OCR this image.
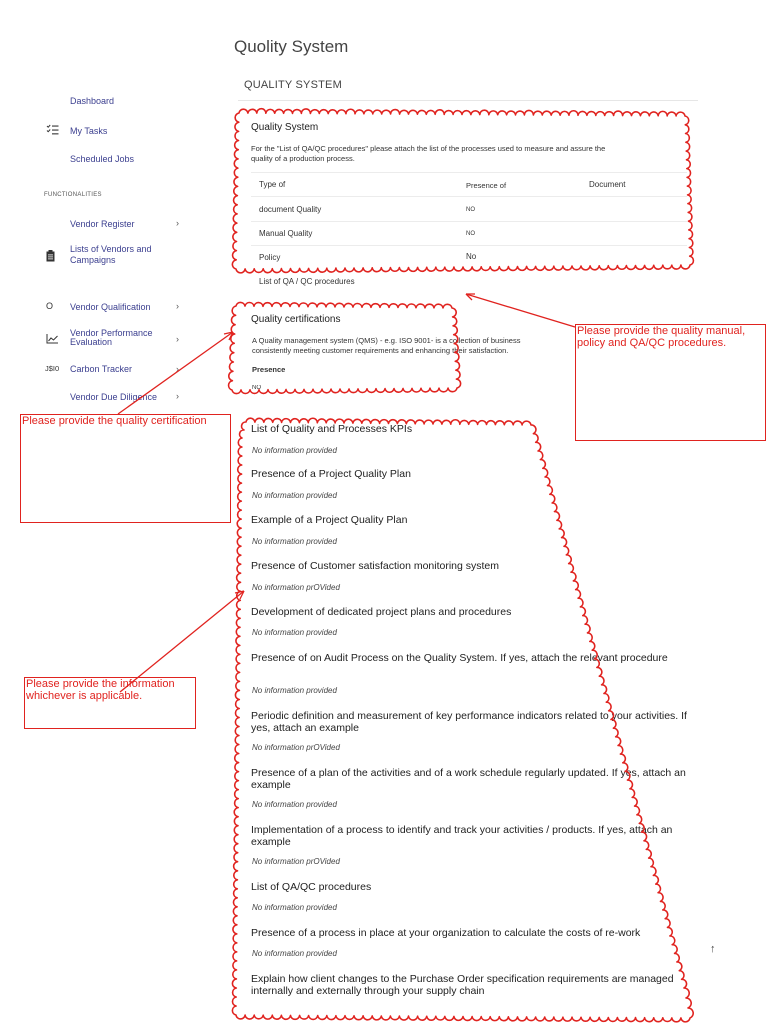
Quolity System
QUALITY SYSTEM
Dashboard
My Tasks
Scheduled Jobs
FUNCTIONALITIES
Vendor Register	›
Lists of Vendors and
Campaigns
O Vendor Qualification	›
Vendor Performance
Evaluation	›
J$I0 Carbon Tracker	›
Vendor Due Diligence ›
Quality System
For the "List of QA/QC procedures" please attach the list of the processes used to measure and assure the
quality of a production process.
Type of	Presence of	Document
document Quality	NO
Manual Quality	NO
Policy	No
List of QA / QC procedures
Quality certifications
A Quality management system (QMS) - e.g. ISO 9001- is a collection of business
consistently meeting customer requirements and enhancing their satisfaction.
Presence
NO
List of Quality and Processes KPIs
No information provided
Presence of a Project Quality Plan
No information provided
Example of a Project Quality Plan
No information provided
Presence of Customer satisfaction monitoring system
No information prOVided
Development of dedicated project plans and procedures
No information provided
Presence of on Audit Process on the Quality System. If yes, attach the relevant procedure
No information provided
Periodic definition and measurement of key performance indicators related to your activities. If yes, attach an example
No information prOVided
Presence of a plan of the activities and of a work schedule regularly updated. If yes, attach an example
No information provided
Implementation of a process to identify and track your activities / products. If yes, attach an example
No information prOVided
List of QA/QC procedures
No information provided
Presence of a process in place at your organization to calculate the costs of re-work
No information provided
Explain how client changes to the Purchase Order specification requirements are managed internally and externally through your supply chain
Please provide the quality manual, policy and QA/QC procedures.
Please provide the quality certification
Please provide the information whichever is applicable.
↑
